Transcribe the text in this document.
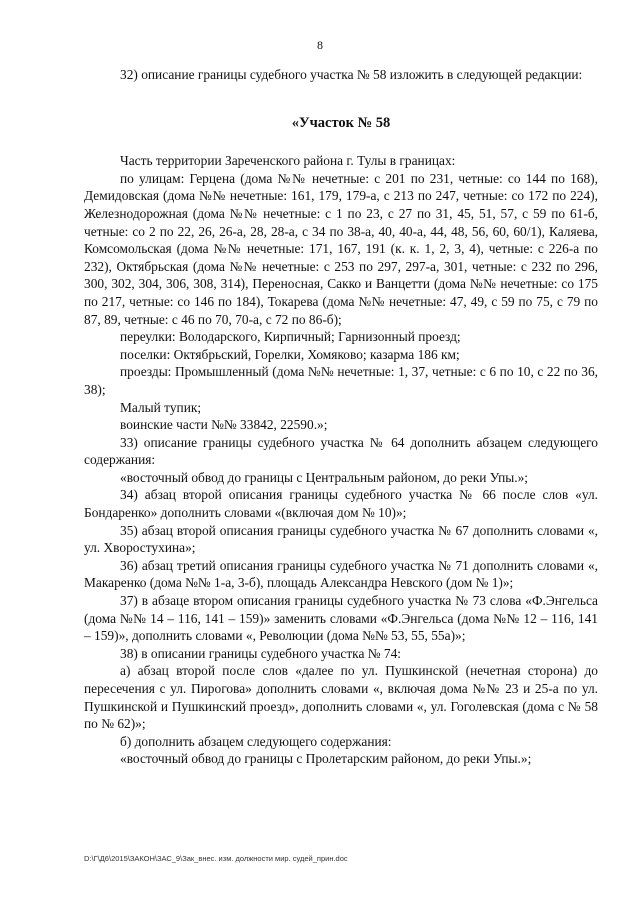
8

32) описание границы судебного участка № 58 изложить в следующей редакции:

«Участок № 58

Часть территории Зареченского района г. Тулы в границах:

по улицам: Герцена (дома №№ нечетные: с 201 по 231, четные: со 144 по 168), Демидовская (дома №№ нечетные: 161, 179, 179-а, с 213 по 247, четные: со 172 по 224), Железнодорожная (дома №№ нечетные: с 1 по 23, с 27 по 31, 45, 51, 57, с 59 по 61-б, четные: со 2 по 22, 26, 26-а, 28, 28-а, с 34 по 38-а, 40, 40-а, 44, 48, 56, 60, 60/1), Каляева, Комсомольская (дома №№ нечетные: 171, 167, 191 (к. к. 1, 2, 3, 4), четные: с 226-а по 232), Октябрьская (дома №№ нечетные: с 253 по 297, 297-а, 301, четные: с 232 по 296, 300, 302, 304, 306, 308, 314), Переносная, Сакко и Ванцетти (дома №№ нечетные: со 175 по 217, четные: со 146 по 184), Токарева (дома №№ нечетные: 47, 49, с 59 по 75, с 79 по 87, 89, четные: с 46 по 70, 70-а, с 72 по 86-б);

переулки: Володарского, Кирпичный; Гарнизонный проезд;

поселки: Октябрьский, Горелки, Хомяково; казарма 186 км;

проезды: Промышленный (дома №№ нечетные: 1, 37, четные: с 6 по 10, с 22 по 36, 38);

Малый тупик;

воинские части №№ 33842, 22590.»;

33) описание границы судебного участка № 64 дополнить абзацем следующего содержания:

«восточный обвод до границы с Центральным районом, до реки Упы.»;

34) абзац второй описания границы судебного участка № 66 после слов «ул. Бондаренко» дополнить словами «(включая дом № 10)»;

35) абзац второй описания границы судебного участка № 67 дополнить словами «, ул. Хворостухина»;

36) абзац третий описания границы судебного участка № 71 дополнить словами «, Макаренко (дома №№ 1-а, 3-б), площадь Александра Невского (дом № 1)»;

37) в абзаце втором описания границы судебного участка № 73 слова «Ф.Энгельса (дома №№ 14 – 116, 141 – 159)» заменить словами «Ф.Энгельса (дома №№ 12 – 116, 141 – 159)», дополнить словами «, Революции (дома №№ 53, 55, 55а)»;

38) в описании границы судебного участка № 74:

а) абзац второй после слов «далее по ул. Пушкинской (нечетная сторона) до пересечения с ул. Пирогова» дополнить словами «, включая дома №№ 23 и 25-а по ул. Пушкинской и Пушкинский проезд», дополнить словами «, ул. Гоголевская (дома с № 58 по № 62)»;

б) дополнить абзацем следующего содержания:

«восточный обвод до границы с Пролетарским районом, до реки Упы.»;

D:\Г\Д6\2015\ЗАКОН\ЗАС_9\Зак_внес. изм. должности мир. судей_прин.doc
